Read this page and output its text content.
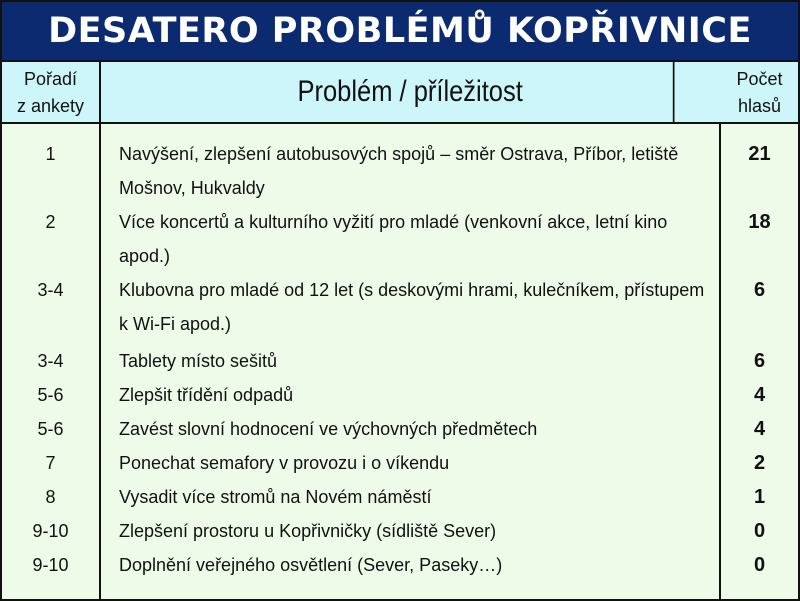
DESATERO PROBLÉMŮ KOPŘIVNICE
Pořadí
z ankety	Problém / příležitost	Počet
hlasů
1
2
3-4
3-4
5-6
5-6
7
8
9-10
9-10
Navýšení, zlepšení autobusových spojů – směr Ostrava, Příbor, letiště Mošnov, Hukvaldy
Více koncertů a kulturního vyžití pro mladé (venkovní akce, letní kino apod.)
Klubovna pro mladé od 12 let (s deskovými hrami, kulečníkem, přístupem k Wi-Fi apod.)
Tablety místo sešitů
Zlepšit třídění odpadů
Zavést slovní hodnocení ve výchovných předmětech
Ponechat semafory v provozu i o víkendu
Vysadit více stromů na Novém náměstí
Zlepšení prostoru u Kopřivničky (sídliště Sever)
Doplnění veřejného osvětlení (Sever, Paseky…)
21
18
6
6
4
4
2
1
0
0
